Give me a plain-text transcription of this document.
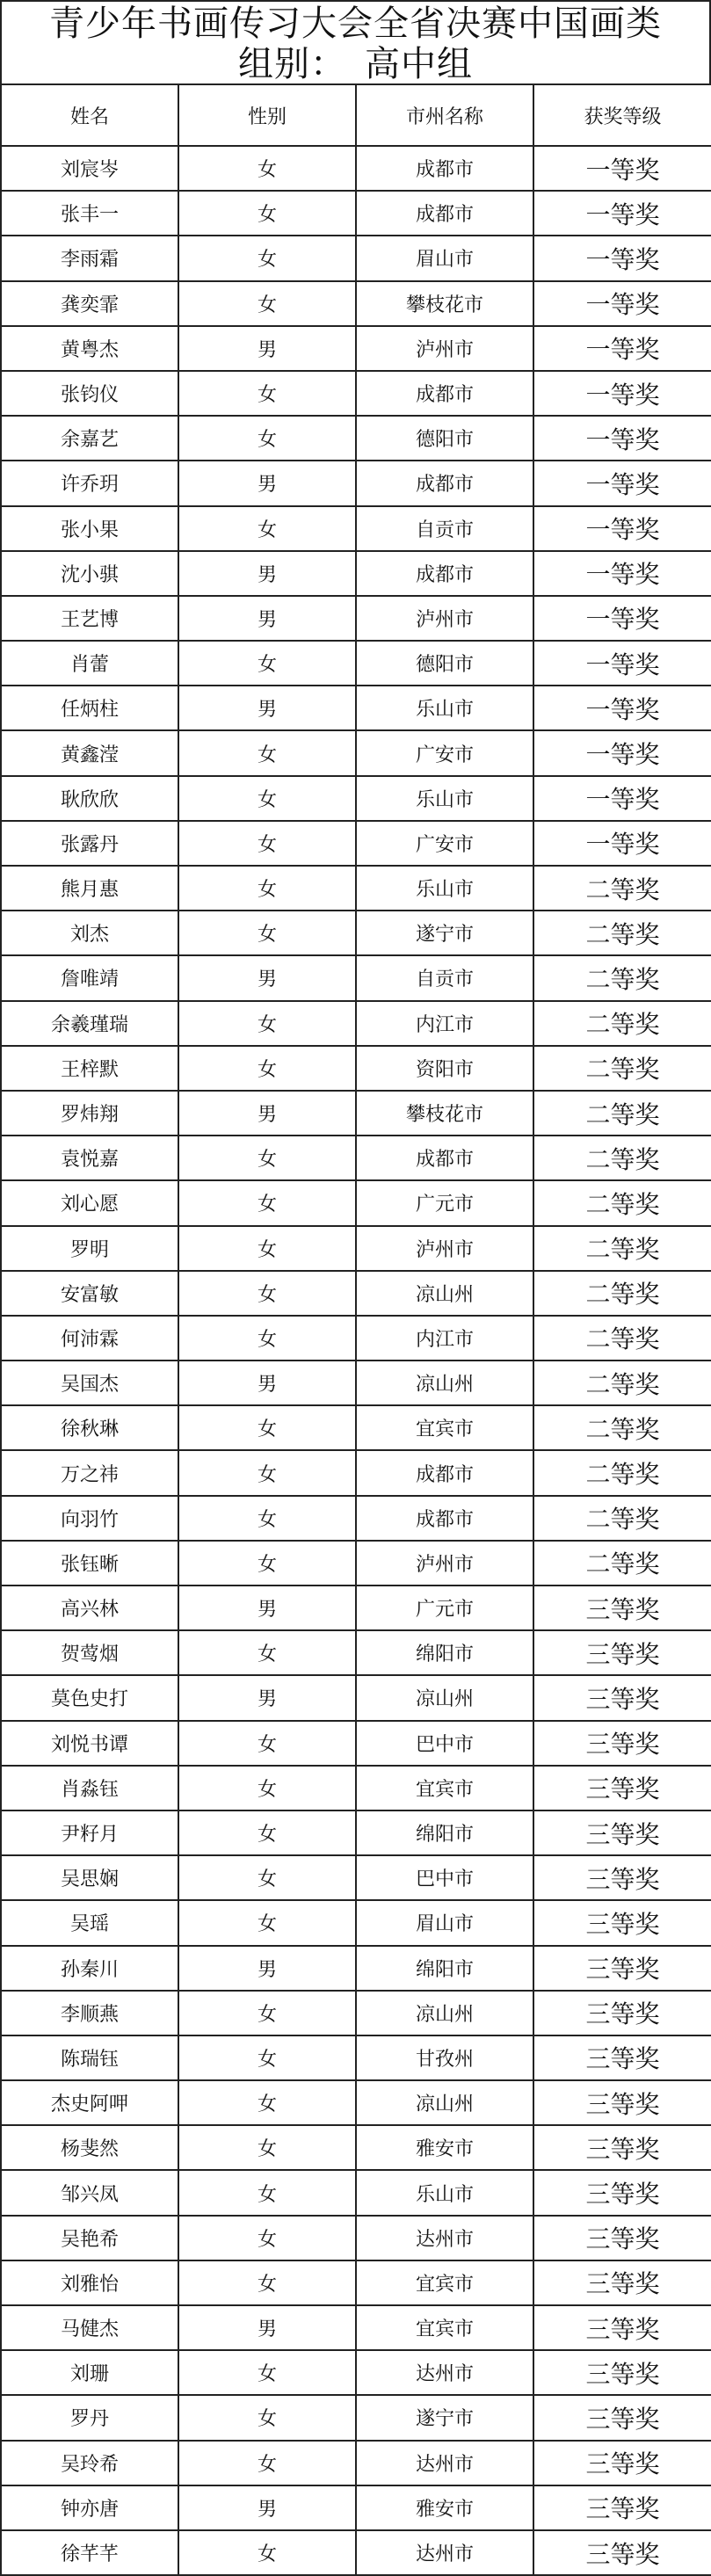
青少年书画传习大会全省决赛中国画类
组别：　高中组
姓名	性别	市州名称	获奖等级
刘宸岑	女	成都市	一等奖
张丰一	女	成都市	一等奖
李雨霜	女	眉山市	一等奖
龚奕霏	女	攀枝花市	一等奖
黄粤杰	男	泸州市	一等奖
张钧仪	女	成都市	一等奖
余嘉艺	女	德阳市	一等奖
许乔玥	男	成都市	一等奖
张小果	女	自贡市	一等奖
沈小骐	男	成都市	一等奖
王艺博	男	泸州市	一等奖
肖蕾	女	德阳市	一等奖
任炳柱	男	乐山市	一等奖
黄鑫滢	女	广安市	一等奖
耿欣欣	女	乐山市	一等奖
张露丹	女	广安市	一等奖
熊月惠	女	乐山市	二等奖
刘杰	女	遂宁市	二等奖
詹唯靖	男	自贡市	二等奖
余羲瑾瑞	女	内江市	二等奖
王梓默	女	资阳市	二等奖
罗炜翔	男	攀枝花市	二等奖
袁悦嘉	女	成都市	二等奖
刘心愿	女	广元市	二等奖
罗明	女	泸州市	二等奖
安富敏	女	凉山州	二等奖
何沛霖	女	内江市	二等奖
吴国杰	男	凉山州	二等奖
徐秋琳	女	宜宾市	二等奖
万之祎	女	成都市	二等奖
向羽竹	女	成都市	二等奖
张钰晰	女	泸州市	二等奖
高兴林	男	广元市	三等奖
贺莺烟	女	绵阳市	三等奖
莫色史打	男	凉山州	三等奖
刘悦书谭	女	巴中市	三等奖
肖淼钰	女	宜宾市	三等奖
尹籽月	女	绵阳市	三等奖
吴思娴	女	巴中市	三等奖
吴瑶	女	眉山市	三等奖
孙秦川	男	绵阳市	三等奖
李顺燕	女	凉山州	三等奖
陈瑞钰	女	甘孜州	三等奖
杰史阿呷	女	凉山州	三等奖
杨斐然	女	雅安市	三等奖
邹兴凤	女	乐山市	三等奖
吴艳希	女	达州市	三等奖
刘雅怡	女	宜宾市	三等奖
马健杰	男	宜宾市	三等奖
刘珊	女	达州市	三等奖
罗丹	女	遂宁市	三等奖
吴玲希	女	达州市	三等奖
钟亦唐	男	雅安市	三等奖
徐芊芊	女	达州市	三等奖
